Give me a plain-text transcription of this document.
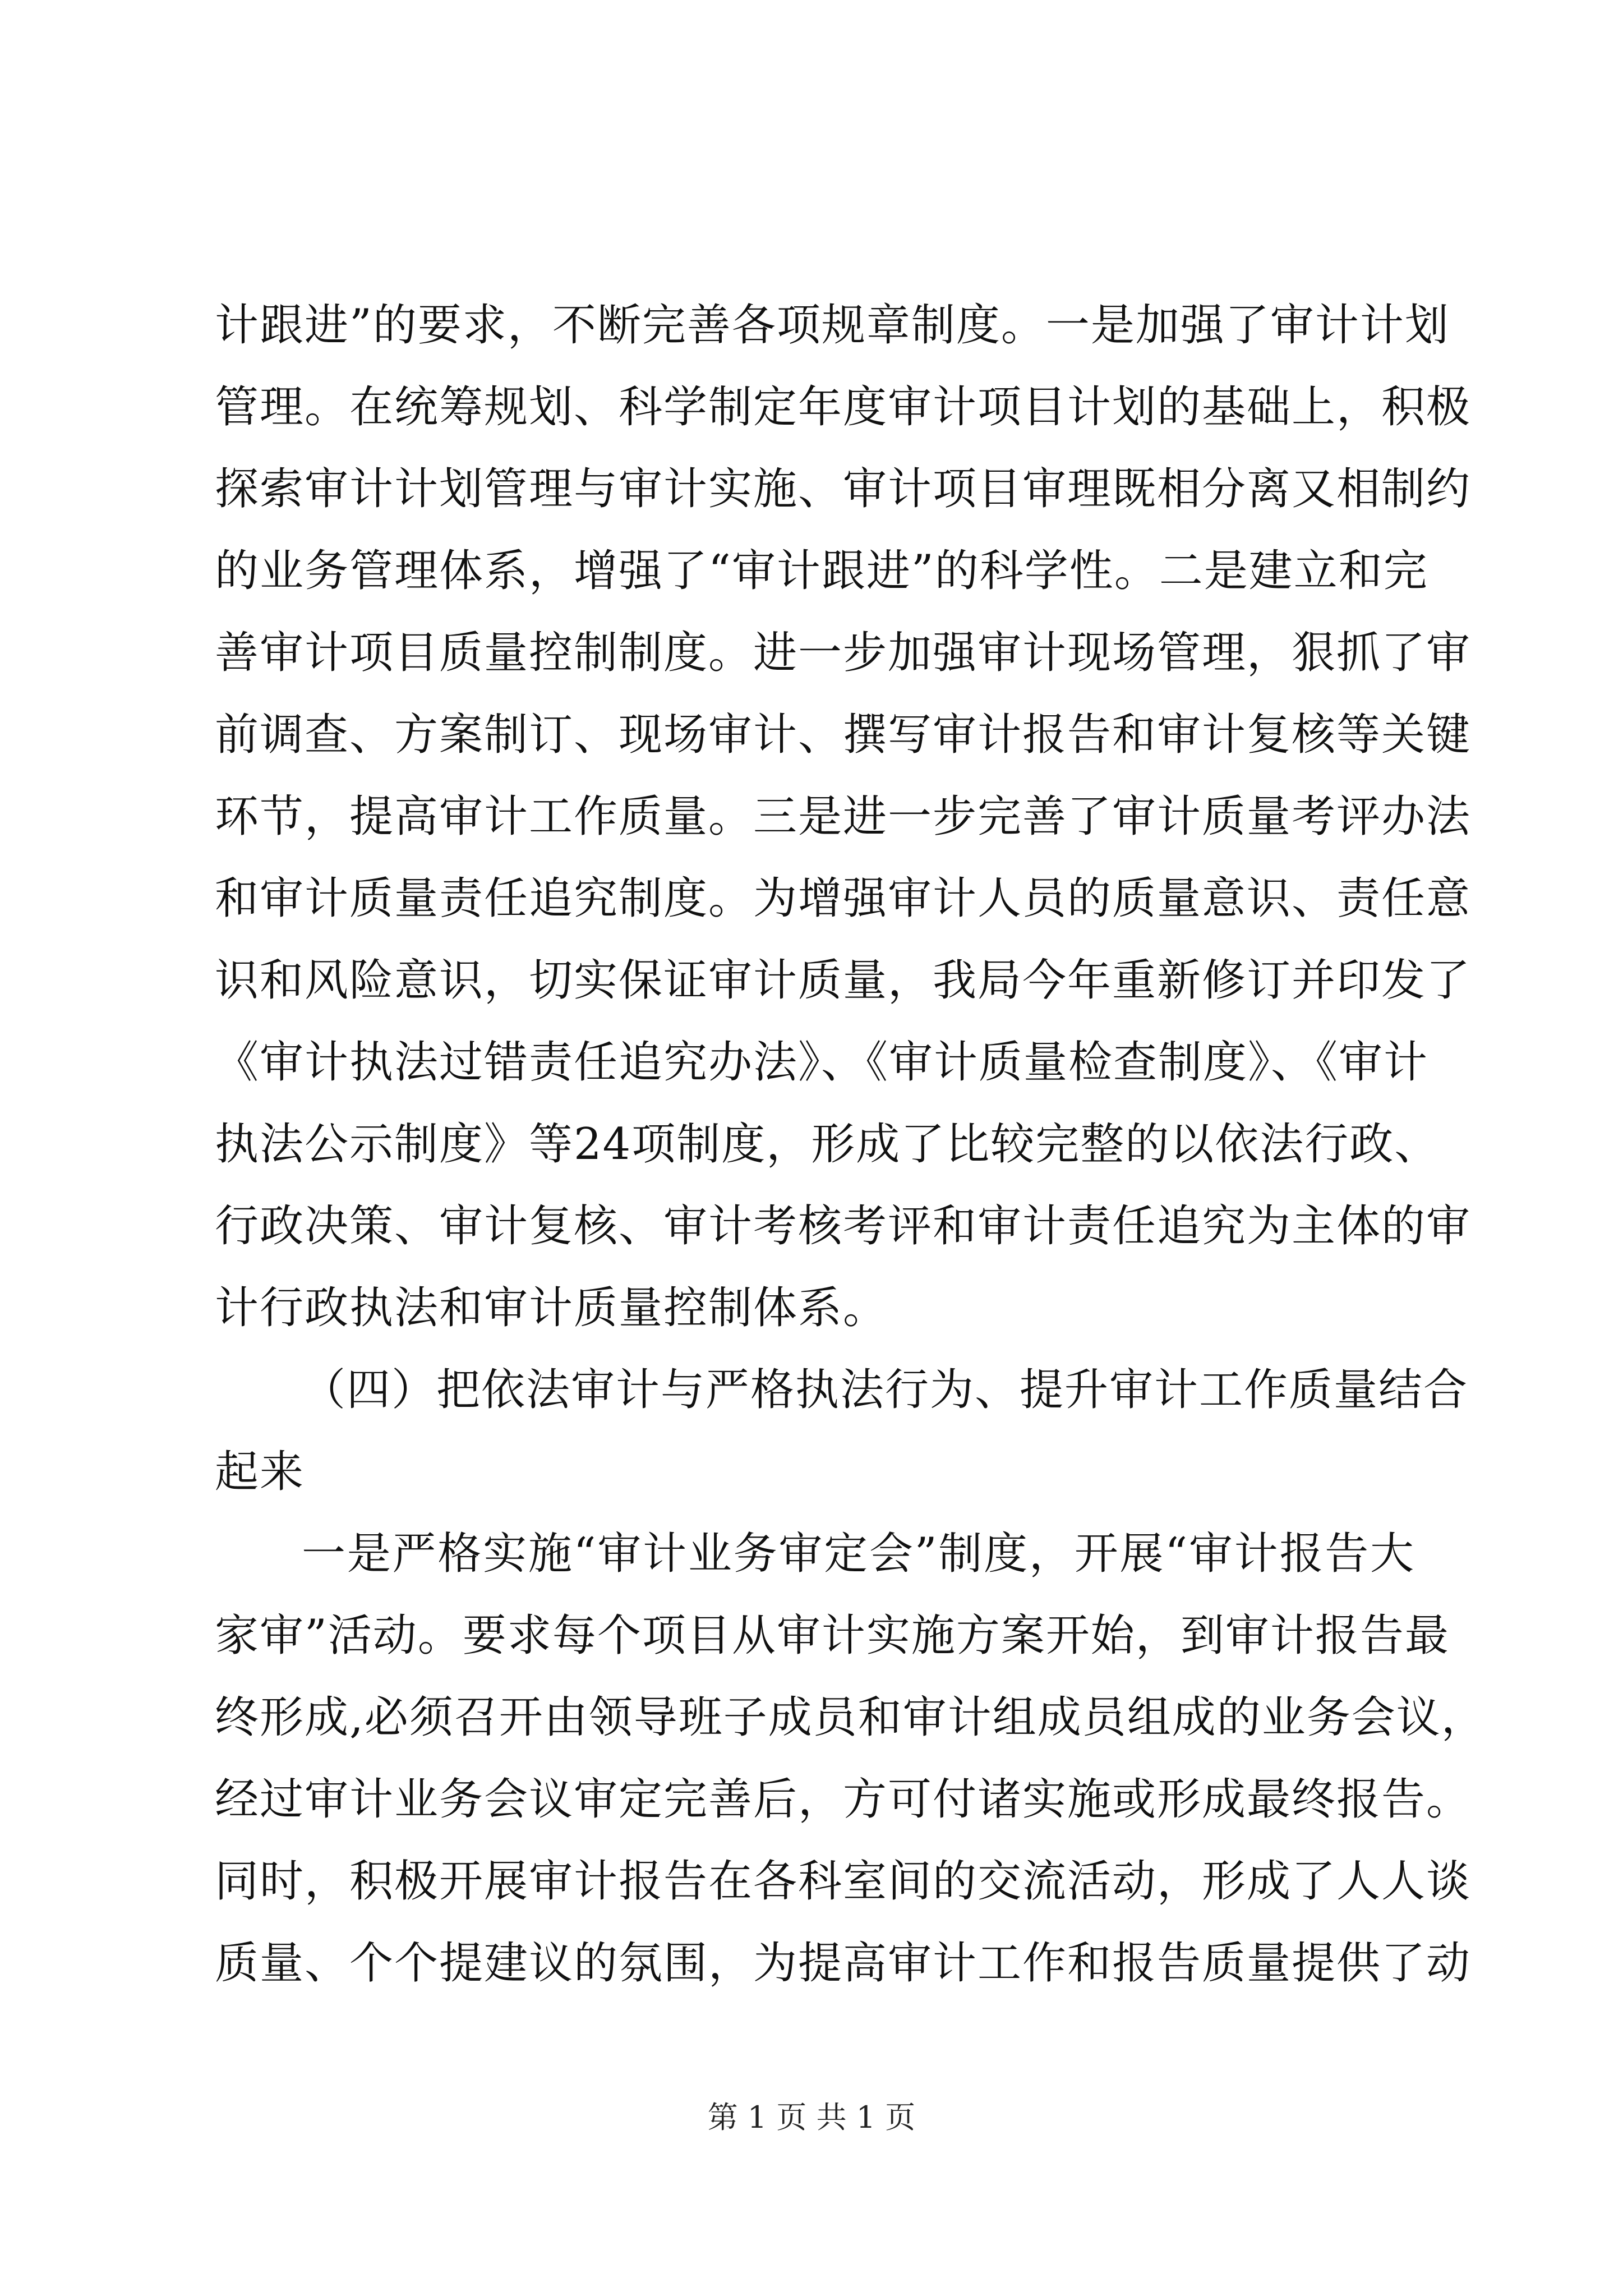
计跟进”的要求，不断完善各项规章制度。一是加强了审计计划
管理。在统筹规划、科学制定年度审计项目计划的基础上，积极
探索审计计划管理与审计实施、审计项目审理既相分离又相制约
的业务管理体系，增强了“审计跟进”的科学性。二是建立和完
善审计项目质量控制制度。进一步加强审计现场管理，狠抓了审
前调查、方案制订、现场审计、撰写审计报告和审计复核等关键
环节，提高审计工作质量。三是进一步完善了审计质量考评办法
和审计质量责任追究制度。为增强审计人员的质量意识、责任意
识和风险意识，切实保证审计质量，我局今年重新修订并印发了
《审计执法过错责任追究办法》、《审计质量检查制度》、《审计
执法公示制度》等24项制度，形成了比较完整的以依法行政、
行政决策、审计复核、审计考核考评和审计责任追究为主体的审
计行政执法和审计质量控制体系。
（四）把依法审计与严格执法行为、提升审计工作质量结合
起来
一是严格实施“审计业务审定会”制度，开展“审计报告大
家审”活动。要求每个项目从审计实施方案开始，到审计报告最
终形成,必须召开由领导班子成员和审计组成员组成的业务会议，
经过审计业务会议审定完善后，方可付诸实施或形成最终报告。
同时，积极开展审计报告在各科室间的交流活动，形成了人人谈
质量、个个提建议的氛围，为提高审计工作和报告质量提供了动
第 1 页 共 1 页
